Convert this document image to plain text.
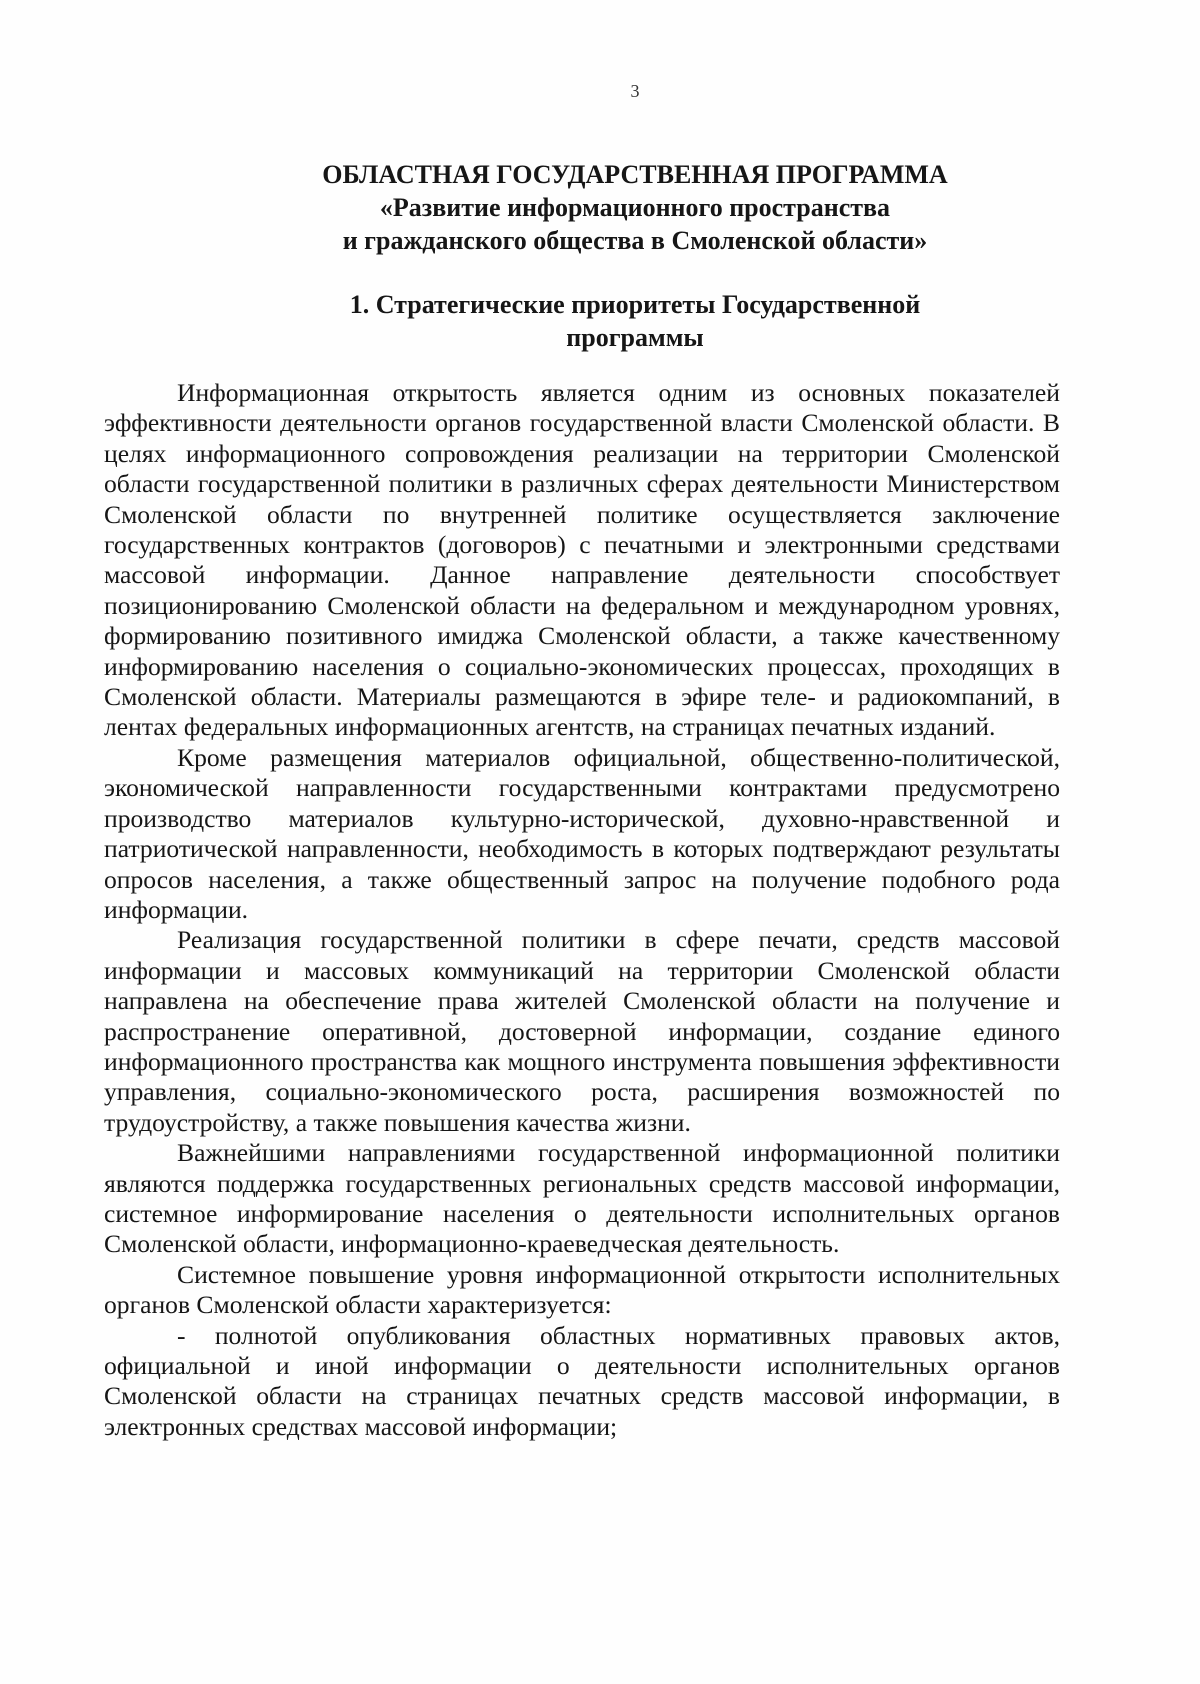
3
ОБЛАСТНАЯ ГОСУДАРСТВЕННАЯ ПРОГРАММА
«Развитие информационного пространства
и гражданского общества в Смоленской области»
1. Стратегические приоритеты Государственной
программы

Информационная открытость является одним из основных показателей эффективности деятельности органов государственной власти Смоленской области. В целях информационного сопровождения реализации на территории Смоленской области государственной политики в различных сферах деятельности Министерством Смоленской области по внутренней политике осуществляется заключение государственных контрактов (договоров) с печатными и электронными средствами массовой информации. Данное направление деятельности способствует позиционированию Смоленской области на федеральном и международном уровнях, формированию позитивного имиджа Смоленской области, а также качественному информированию населения о социально-экономических процессах, проходящих в Смоленской области. Материалы размещаются в эфире теле- и радиокомпаний, в лентах федеральных информационных агентств, на страницах печатных изданий.

Кроме размещения материалов официальной, общественно-политической, экономической направленности государственными контрактами предусмотрено производство материалов культурно-исторической, духовно-нравственной и патриотической направленности, необходимость в которых подтверждают результаты опросов населения, а также общественный запрос на получение подобного рода информации.

Реализация государственной политики в сфере печати, средств массовой информации и массовых коммуникаций на территории Смоленской области направлена на обеспечение права жителей Смоленской области на получение и распространение оперативной, достоверной информации, создание единого информационного пространства как мощного инструмента повышения эффективности управления, социально-экономического роста, расширения возможностей по трудоустройству, а также повышения качества жизни.

Важнейшими направлениями государственной информационной политики являются поддержка государственных региональных средств массовой информации, системное информирование населения о деятельности исполнительных органов Смоленской области, информационно-краеведческая деятельность.

Системное повышение уровня информационной открытости исполнительных органов Смоленской области характеризуется:

- полнотой опубликования областных нормативных правовых актов, официальной и иной информации о деятельности исполнительных органов Смоленской области на страницах печатных средств массовой информации, в электронных средствах массовой информации;
